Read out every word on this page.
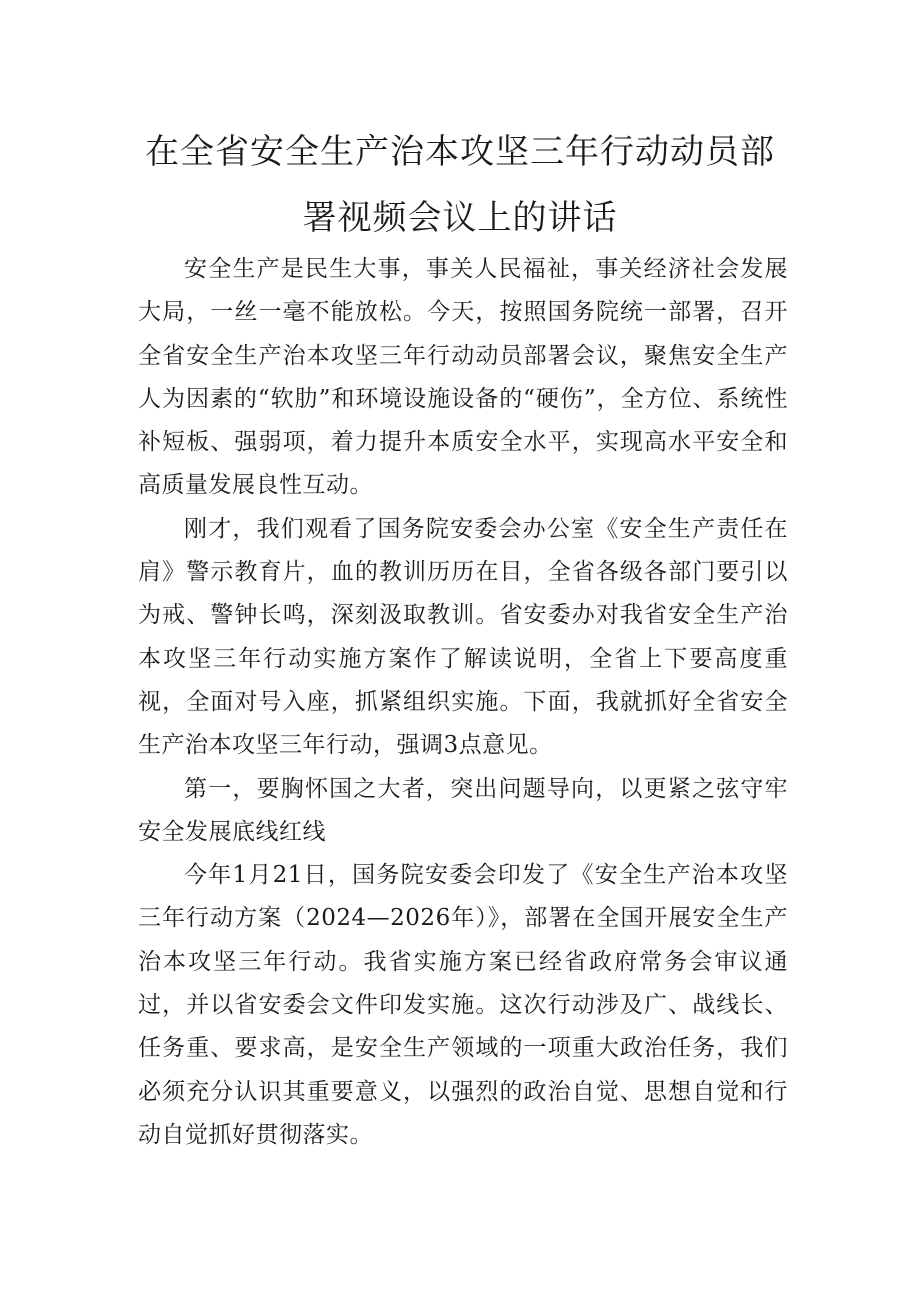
在全省安全生产治本攻坚三年行动动员部
署视频会议上的讲话

安全生产是民生大事，事关人民福祉，事关经济社会发展大局，一丝一毫不能放松。今天，按照国务院统一部署，召开全省安全生产治本攻坚三年行动动员部署会议，聚焦安全生产人为因素的“软肋”和环境设施设备的“硬伤”，全方位、系统性补短板、强弱项，着力提升本质安全水平，实现高水平安全和高质量发展良性互动。

刚才，我们观看了国务院安委会办公室《安全生产责任在肩》警示教育片，血的教训历历在目，全省各级各部门要引以为戒、警钟长鸣，深刻汲取教训。省安委办对我省安全生产治本攻坚三年行动实施方案作了解读说明，全省上下要高度重视，全面对号入座，抓紧组织实施。下面，我就抓好全省安全生产治本攻坚三年行动，强调3点意见。

第一，要胸怀国之大者，突出问题导向，以更紧之弦守牢安全发展底线红线

今年1月21日，国务院安委会印发了《安全生产治本攻坚三年行动方案（2024—2026年）》，部署在全国开展安全生产治本攻坚三年行动。我省实施方案已经省政府常务会审议通过，并以省安委会文件印发实施。这次行动涉及广、战线长、任务重、要求高，是安全生产领域的一项重大政治任务，我们必须充分认识其重要意义，以强烈的政治自觉、思想自觉和行动自觉抓好贯彻落实。
